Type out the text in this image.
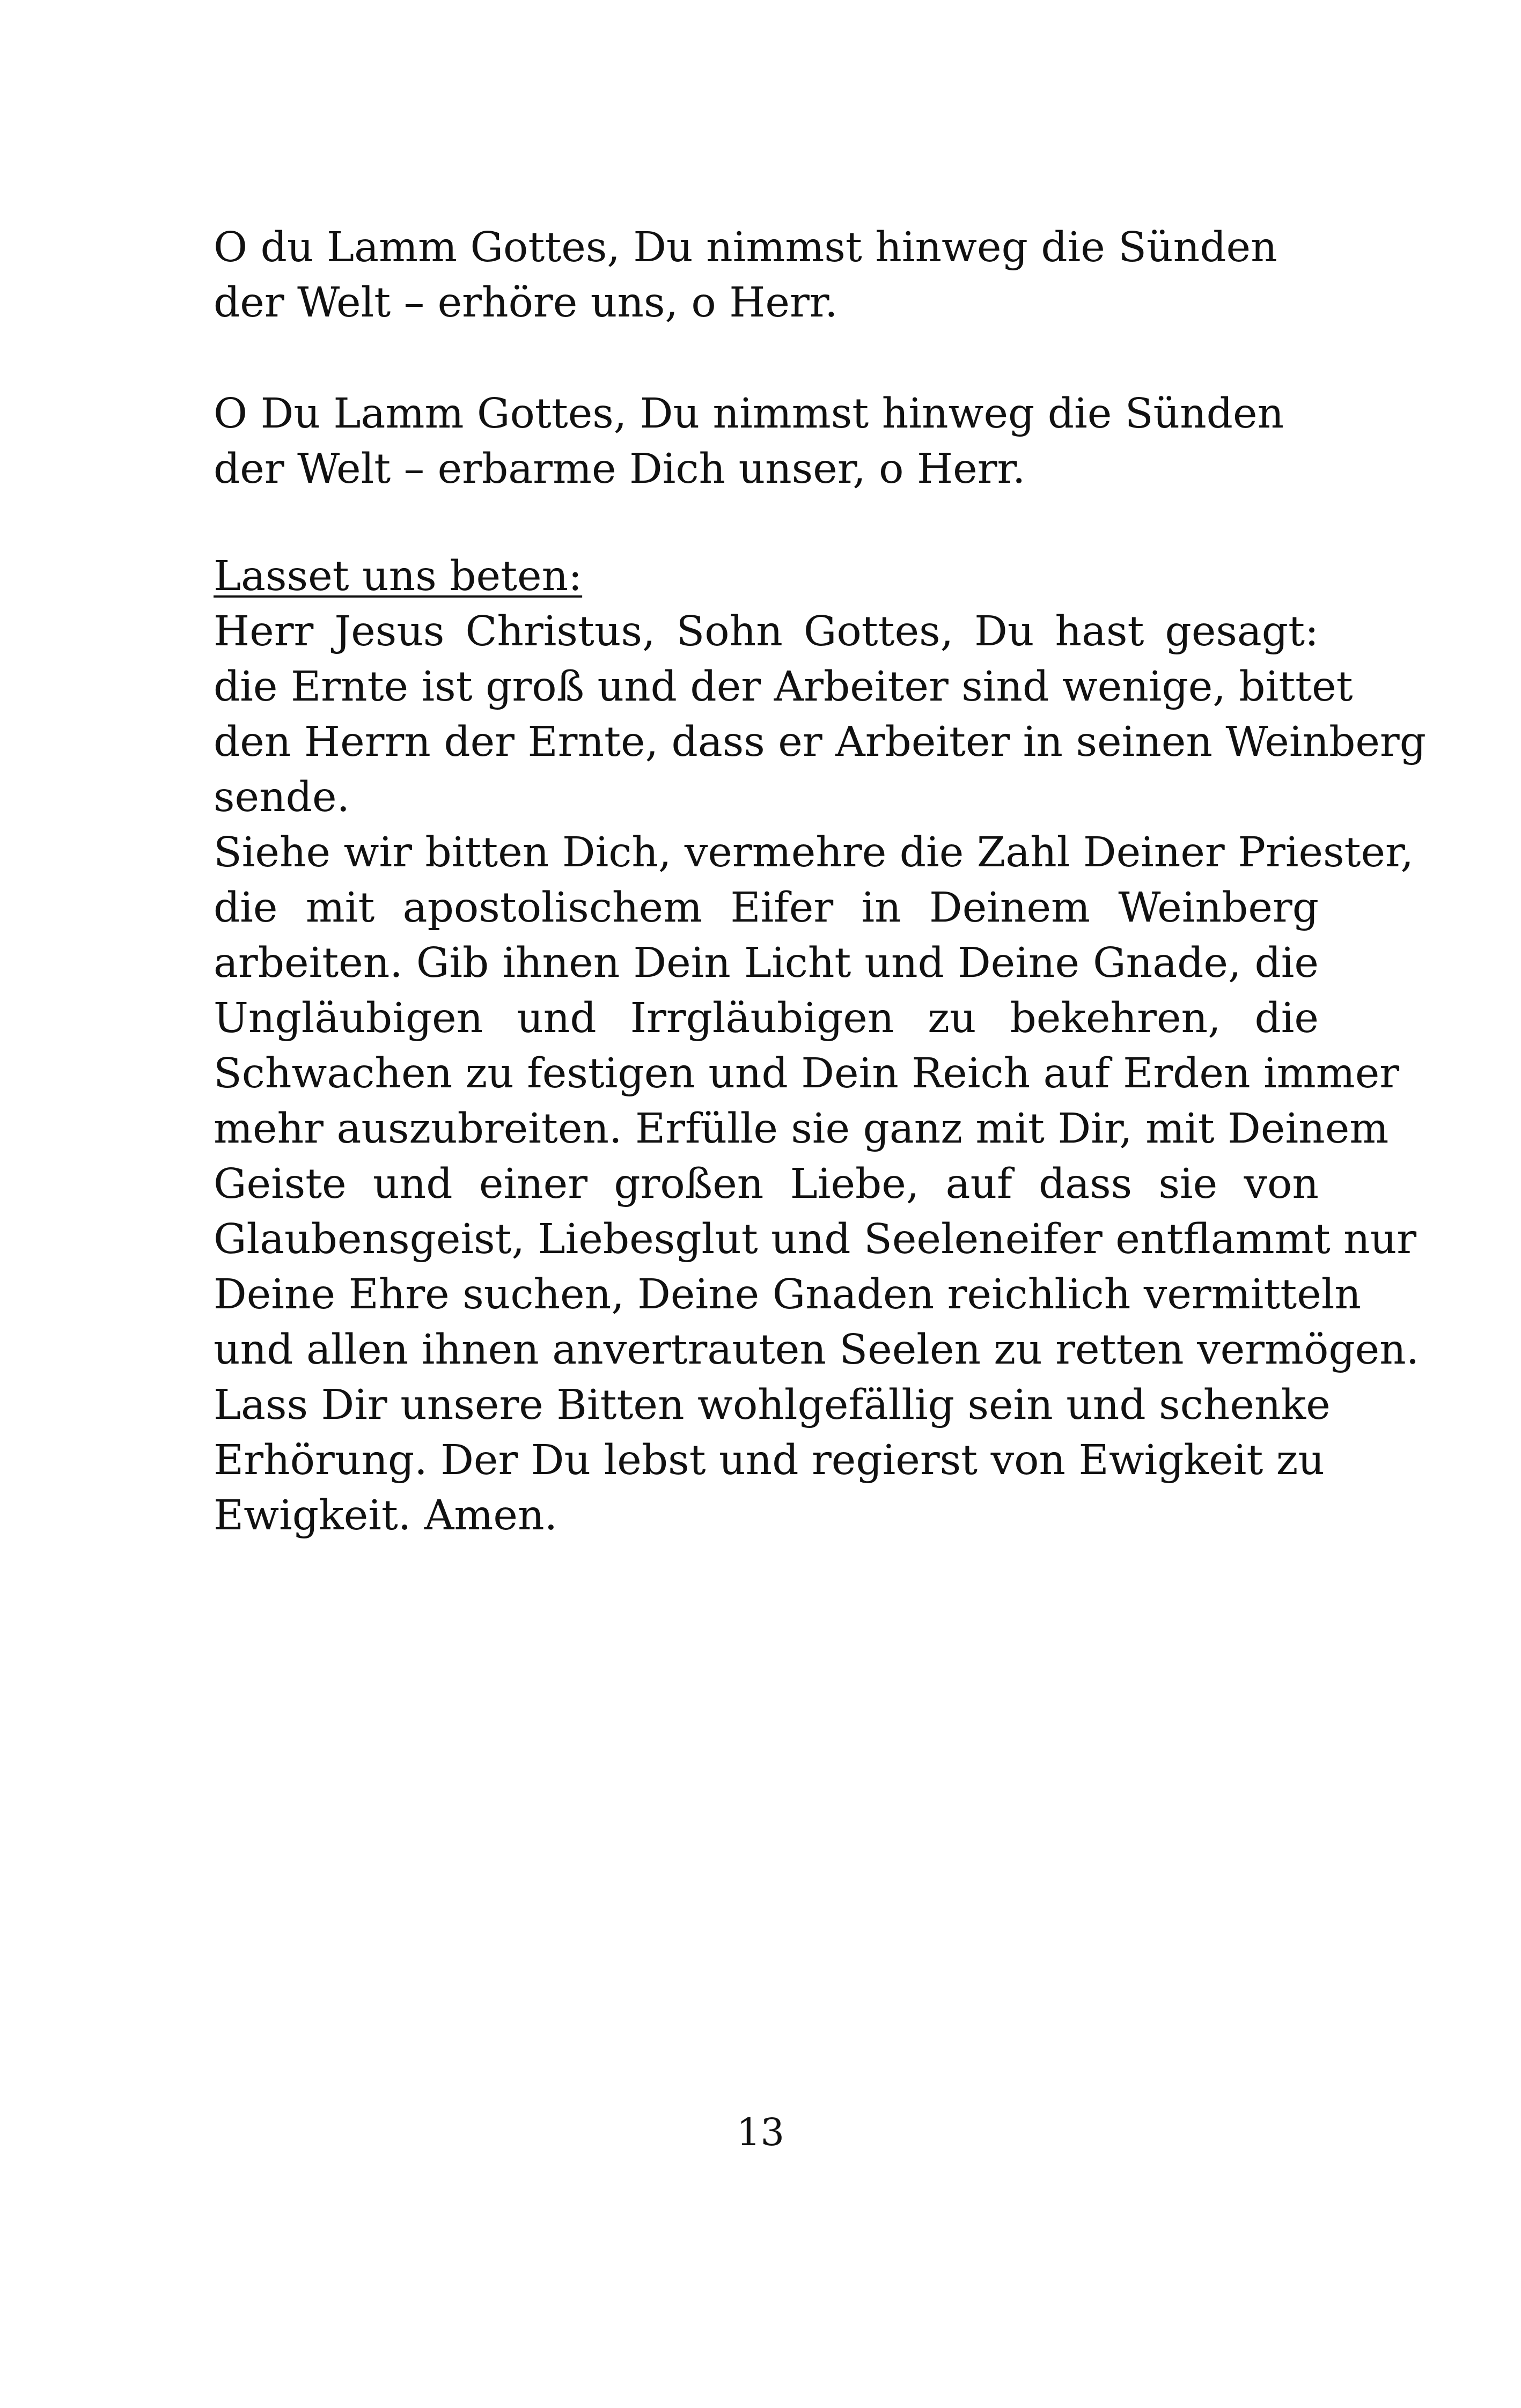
O du Lamm Gottes, Du nimmst hinweg die Sünden
der Welt – erhöre uns, o Herr.

O Du Lamm Gottes, Du nimmst hinweg die Sünden
der Welt – erbarme Dich unser, o Herr.

Lasset uns beten:
Herr Jesus Christus, Sohn Gottes, Du hast gesagt:
die Ernte ist groß und der Arbeiter sind wenige, bittet
den Herrn der Ernte, dass er Arbeiter in seinen Weinberg
sende.
Siehe wir bitten Dich, vermehre die Zahl Deiner Priester,
die mit apostolischem Eifer in Deinem Weinberg
arbeiten. Gib ihnen Dein Licht und Deine Gnade, die
Ungläubigen und Irrgläubigen zu bekehren, die
Schwachen zu festigen und Dein Reich auf Erden immer
mehr auszubreiten. Erfülle sie ganz mit Dir, mit Deinem
Geiste und einer großen Liebe, auf dass sie von
Glaubensgeist, Liebesglut und Seeleneifer entflammt nur
Deine Ehre suchen, Deine Gnaden reichlich vermitteln
und allen ihnen anvertrauten Seelen zu retten vermögen.
Lass Dir unsere Bitten wohlgefällig sein und schenke
Erhörung. Der Du lebst und regierst von Ewigkeit zu
Ewigkeit. Amen.
13
